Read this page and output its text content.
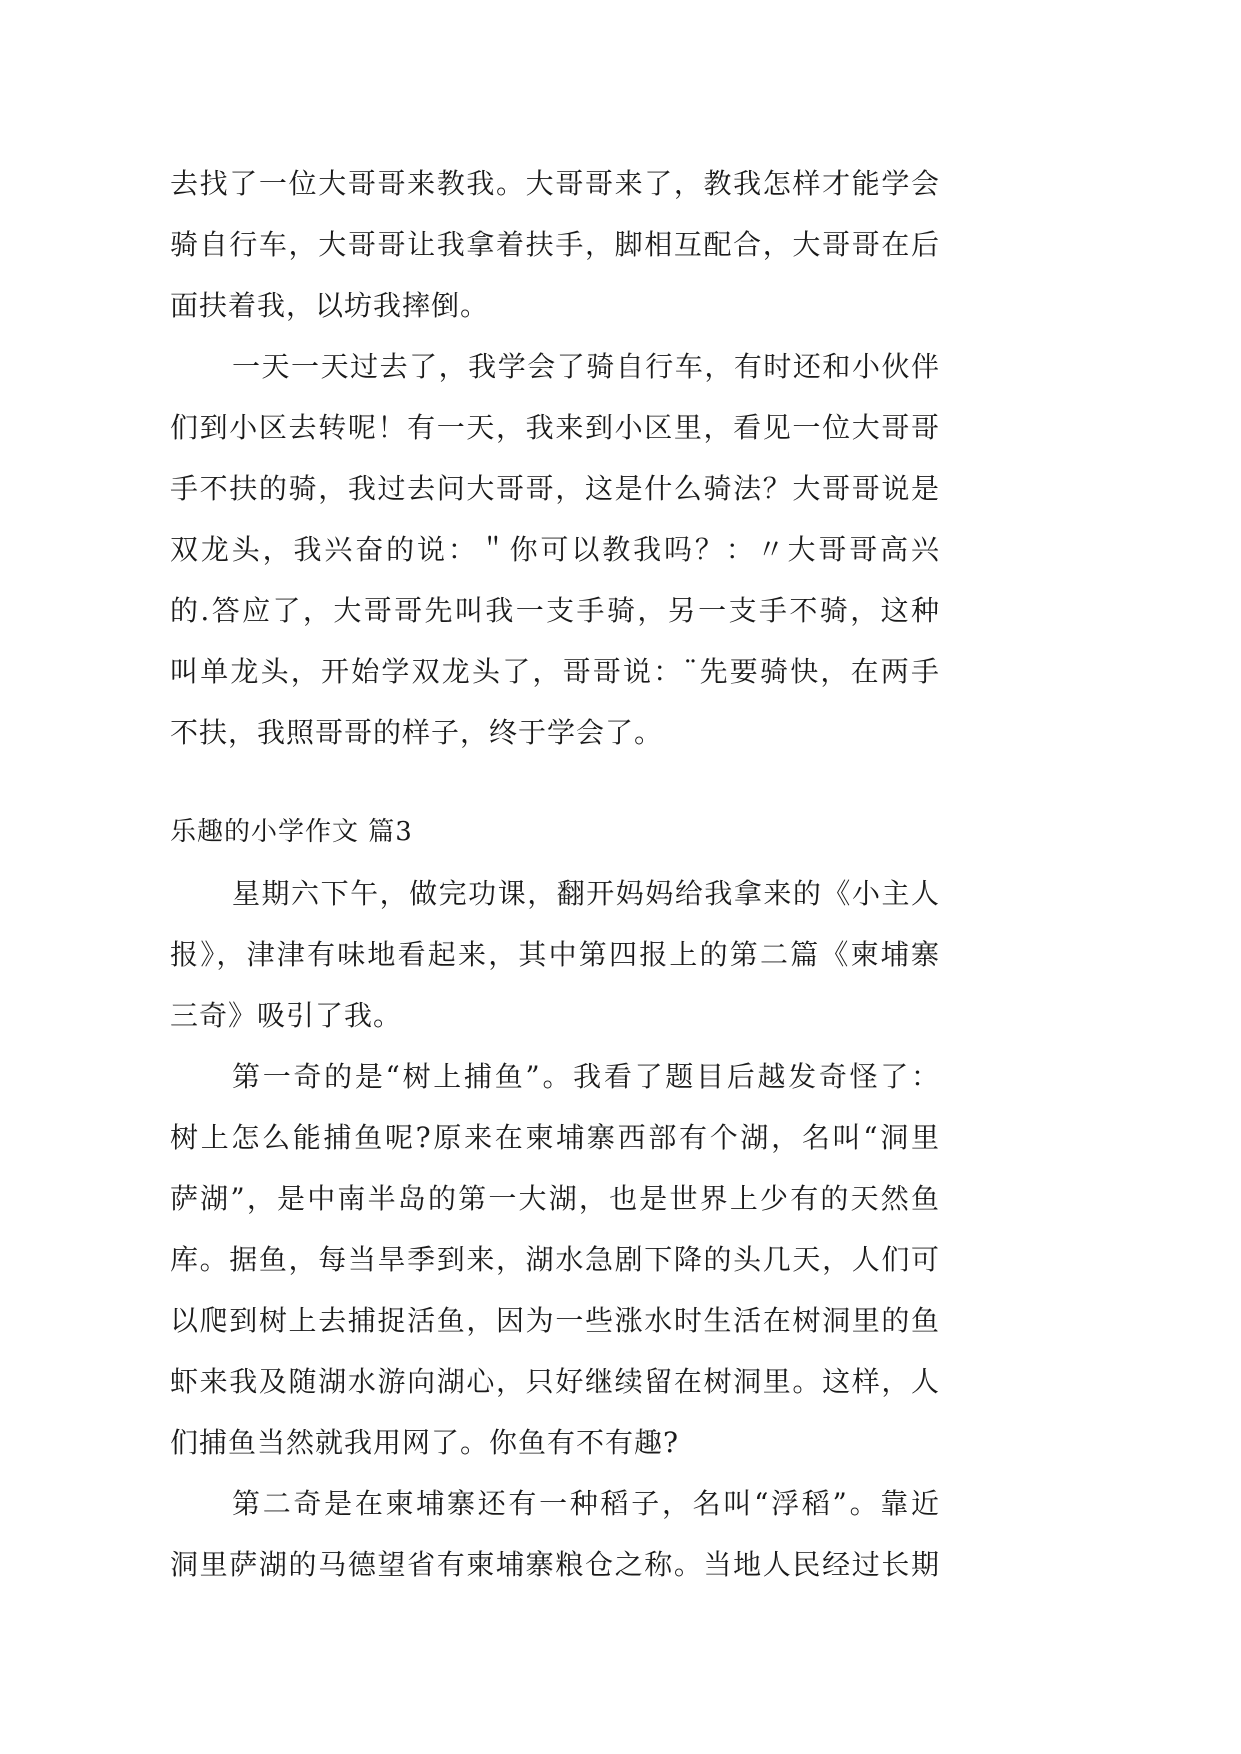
去找了一位大哥哥来教我。大哥哥来了，教我怎样才能学会
骑自行车，大哥哥让我拿着扶手，脚相互配合，大哥哥在后
面扶着我，以坊我摔倒。
一天一天过去了，我学会了骑自行车，有时还和小伙伴
们到小区去转呢！有一天，我来到小区里，看见一位大哥哥
手不扶的骑，我过去问大哥哥，这是什么骑法？大哥哥说是
双龙头，我兴奋的说：＂你可以教我吗？：〃大哥哥高兴
的.答应了，大哥哥先叫我一支手骑，另一支手不骑，这种
叫单龙头，开始学双龙头了，哥哥说：¨先要骑快，在两手
不扶，我照哥哥的样子，终于学会了。
乐趣的小学作文 篇3
星期六下午，做完功课，翻开妈妈给我拿来的《小主人
报》，津津有味地看起来，其中第四报上的第二篇《柬埔寨
三奇》吸引了我。
第一奇的是“树上捕鱼”。我看了题目后越发奇怪了：
树上怎么能捕鱼呢?原来在柬埔寨西部有个湖，名叫“洞里
萨湖”，是中南半岛的第一大湖，也是世界上少有的天然鱼
库。据鱼，每当旱季到来，湖水急剧下降的头几天，人们可
以爬到树上去捕捉活鱼，因为一些涨水时生活在树洞里的鱼
虾来我及随湖水游向湖心，只好继续留在树洞里。这样，人
们捕鱼当然就我用网了。你鱼有不有趣?
第二奇是在柬埔寨还有一种稻子，名叫“浮稻”。靠近
洞里萨湖的马德望省有柬埔寨粮仓之称。当地人民经过长期
